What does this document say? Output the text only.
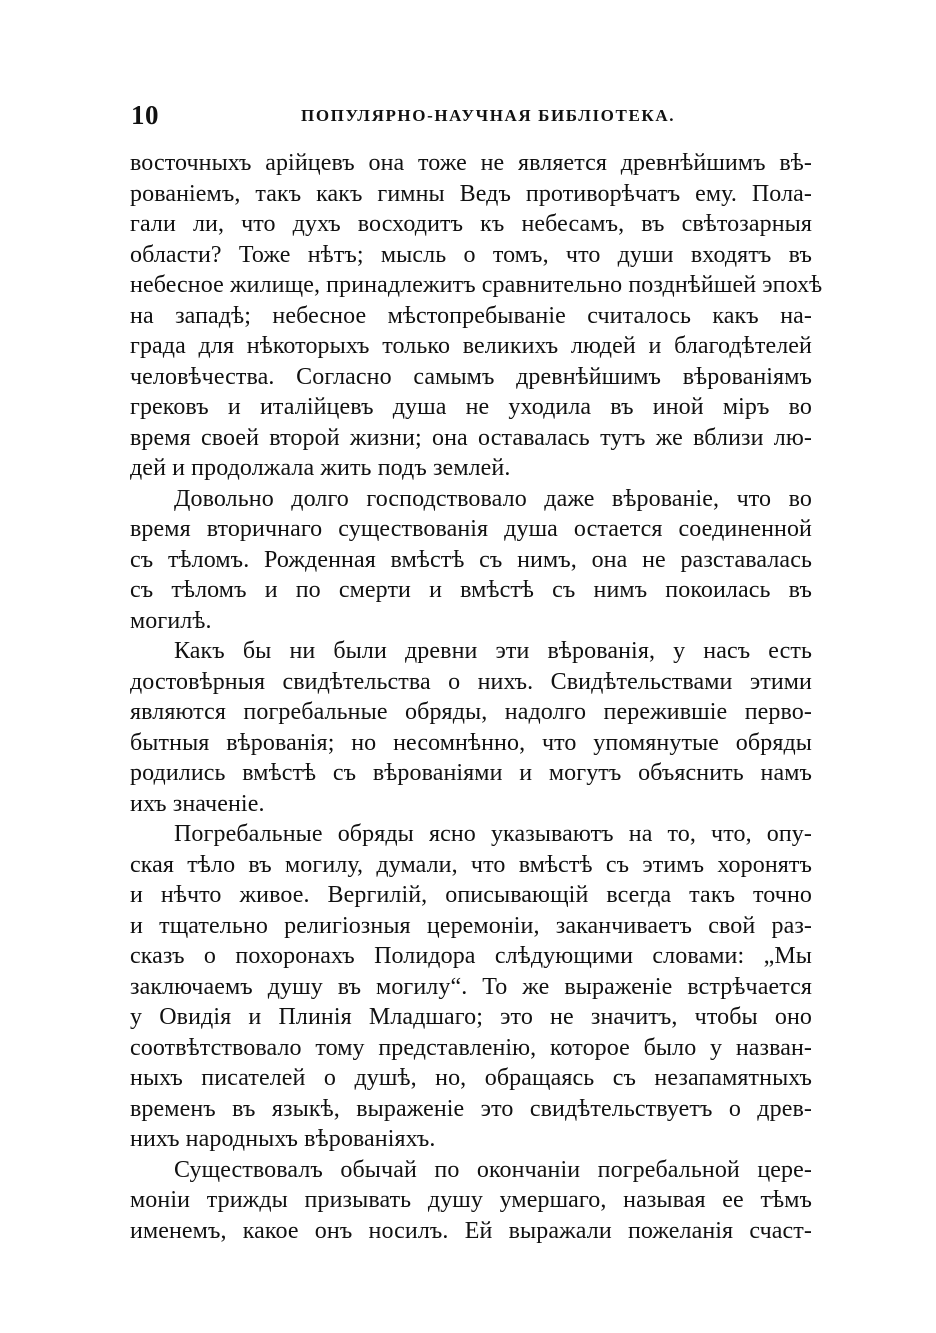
10	ПОПУЛЯРНО-НАУЧНАЯ БИБЛІОТЕКА.
восточныхъ арійцевъ она тоже не является древнѣйшимъ вѣ-
рованіемъ, такъ какъ гимны Ведъ противорѣчатъ ему. Пола-
гали ли, что духъ восходитъ къ небесамъ, въ свѣтозарныя
области? Тоже нѣтъ; мысль о томъ, что души входятъ въ
небесное жилище, принадлежитъ сравнительно позднѣйшей эпохѣ
на западѣ; небесное мѣстопребываніе считалось какъ на-
града для нѣкоторыхъ только великихъ людей и благодѣтелей
человѣчества. Согласно самымъ древнѣйшимъ вѣрованіямъ
грековъ и италійцевъ душа не уходила въ иной міръ во
время своей второй жизни; она оставалась тутъ же вблизи лю-
дей и продолжала жить подъ землей.
Довольно долго господствовало даже вѣрованіе, что во
время вторичнаго существованія душа остается соединенной
съ тѣломъ. Рожденная вмѣстѣ съ нимъ, она не разставалась
съ тѣломъ и по смерти и вмѣстѣ съ нимъ покоилась въ
могилѣ.
Какъ бы ни были древни эти вѣрованія, у насъ есть
достовѣрныя свидѣтельства о нихъ. Свидѣтельствами этими
являются погребальные обряды, надолго пережившіе перво-
бытныя вѣрованія; но несомнѣнно, что упомянутые обряды
родились вмѣстѣ съ вѣрованіями и могутъ объяснить намъ
ихъ значеніе.
Погребальные обряды ясно указываютъ на то, что, опу-
ская тѣло въ могилу, думали, что вмѣстѣ съ этимъ хоронятъ
и нѣчто живое. Вергилій, описывающій всегда такъ точно
и тщательно религіозныя церемоніи, заканчиваетъ свой раз-
сказъ о похоронахъ Полидора слѣдующими словами: „Мы
заключаемъ душу въ могилу“. То же выраженіе встрѣчается
у Овидія и Плинія Младшаго; это не значитъ, чтобы оно
соотвѣтствовало тому представленію, которое было у назван-
ныхъ писателей о душѣ, но, обращаясь съ незапамятныхъ
временъ въ языкѣ, выраженіе это свидѣтельствуетъ о древ-
нихъ народныхъ вѣрованіяхъ.
Существовалъ обычай по окончаніи погребальной цере-
моніи трижды призывать душу умершаго, называя ее тѣмъ
именемъ, какое онъ носилъ. Ей выражали пожеланія счаст-
